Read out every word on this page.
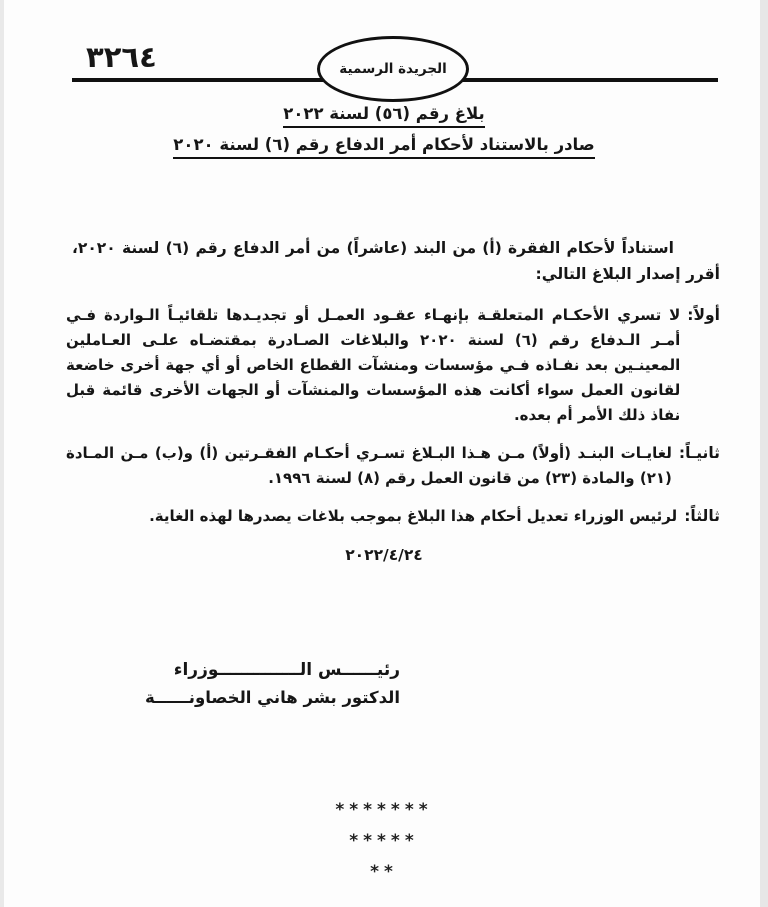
٣٢٦٤	الجريدة الرسمية
بلاغ رقم (٥٦) لسنة ٢٠٢٢
صادر بالاستناد لأحكام أمر الدفاع رقم (٦) لسنة ٢٠٢٠

استناداً لأحكام الفقرة (أ) من البند (عاشراً) من أمر الدفاع رقم (٦) لسنة ٢٠٢٠، أقرر إصدار البلاغ التالي:

أولاً:
لا تسري الأحكـام المتعلقـة بإنهـاء عقـود العمـل أو تجديـدها تلقائيـاً الـواردة فـي أمـر الـدفاع رقم (٦) لسنة ٢٠٢٠ والبلاغات الصـادرة بمقتضـاه علـى العـاملين المعينـين بعد نفـاذه فـي مؤسسات ومنشآت القطاع الخاص أو أي جهة أخرى خاضعة لقانون العمل سواء أكانت هذه المؤسسات والمنشآت أو الجهات الأخرى قائمة قبل نفاذ ذلك الأمر أم بعده.
ثانيـاً:
لغايـات البنـد (أولاً) مـن هـذا البـلاغ تسـري أحكـام الفقـرتين (أ) و(ب) مـن المـادة (٢١) والمادة (٢٣) من قانون العمل رقم (٨) لسنة ١٩٩٦.
ثالثاً:
لرئيس الوزراء تعديل أحكام هذا البلاغ بموجب بلاغات يصدرها لهذه الغاية.
٢٠٢٢/٤/٢٤
رئيــــــس الــــــــــــــوزراء
الدكتور بشر هاني الخصاونــــــة
*******
*****
**
